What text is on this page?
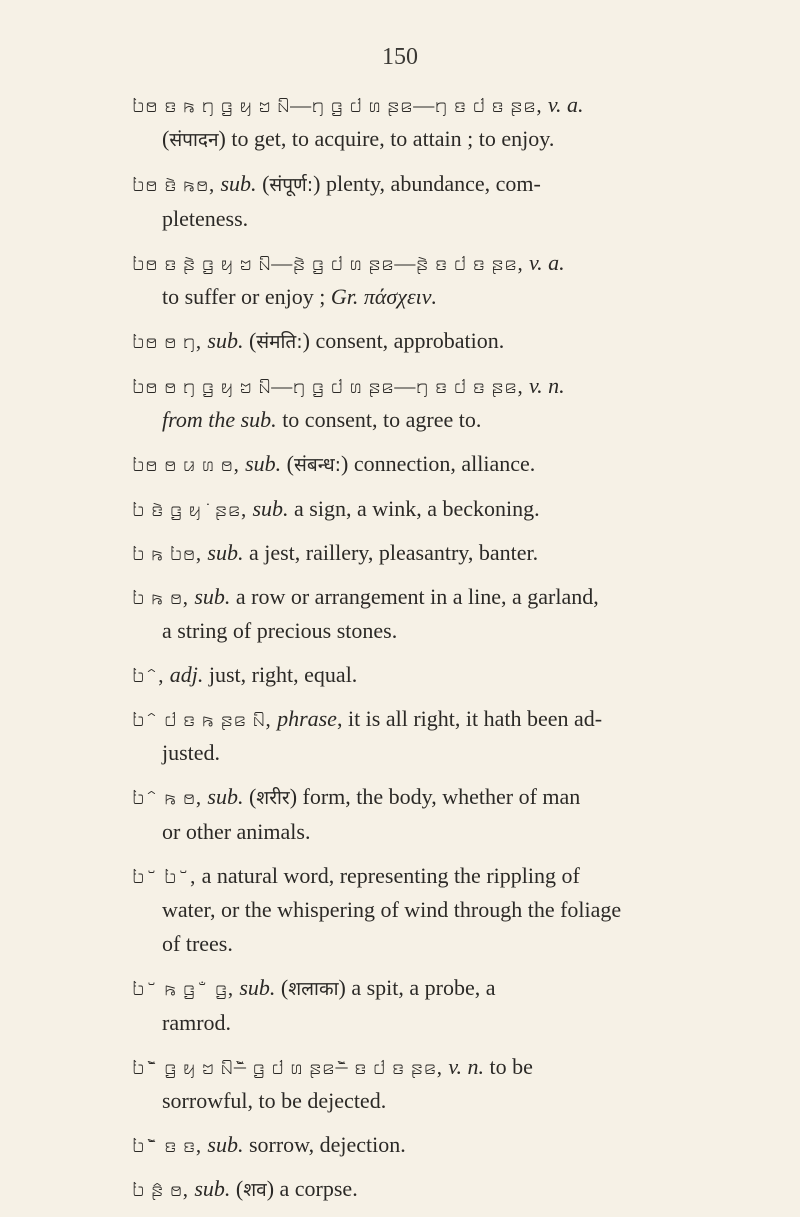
150
ꤝꤥ ꤢ ꤒ ꤚ ꤞ ꤟ ꤠ ꤡ—ꤚ ꤞ ꤓ ꤛ ꤔꤕ—ꤚ ꤢ ꤓ ꤢ ꤔꤕ, v. a.
(संपादन) to get, to acquire, to attain ; to enjoy.
ꤝꤥ ꤢꤧ ꤒꤥ, sub. (संपूर्ण:) plenty, abundance, com-
pleteness.
ꤝꤥ ꤢ ꤔꤧ ꤞ ꤟ ꤠ ꤡ—ꤔꤧ ꤞ ꤓ ꤛ ꤔꤕ—ꤔꤧ ꤢ ꤓ ꤢ ꤔꤕ, v. a.
to suffer or enjoy ; Gr. πάσχειν.
ꤝꤥ ꤥ ꤚ, sub. (संमति:) consent, approbation.
ꤝꤥ ꤥ ꤚ ꤞ ꤟ ꤠ ꤡ—ꤚ ꤞ ꤓ ꤛ ꤔꤕ—ꤚ ꤢ ꤓ ꤢ ꤔꤕ, v. n.
from the sub. to consent, to agree to.
ꤝꤥ ꤥ ꤣ ꤛ ꤥ, sub. (संबन्ध:) connection, alliance.
ꤝ ꤢꤧ ꤞ ꤟ ꤦꤔꤕ, sub. a sign, a wink, a beckoning.
ꤝ ꤒ ꤝꤥ, sub. a jest, raillery, pleasantry, banter.
ꤝ ꤒ ꤥ, sub. a row or arrangement in a line, a garland,
a string of precious stones.
ꤝ ꤨ, adj. just, right, equal.
ꤝ ꤨ ꤓ ꤢ ꤒ ꤔꤕ ꤡ, phrase, it is all right, it hath been ad-
justed.
ꤝ ꤨ ꤒ ꤥ, sub. (शरीर) form, the body, whether of man
or other animals.
ꤝ ꤩ ꤝ ꤩ, a natural word, representing the rippling of
water, or the whispering of wind through the foliage
of trees.
ꤝ ꤩ ꤒ ꤞ ꤪ ꤞ, sub. (शलाका) a spit, a probe, a
ramrod.
ꤝ ꤩꤧ ꤞ ꤟ ꤠ ꤡ—ꤩꤧ ꤞ ꤓ ꤛ ꤔꤕ—ꤩꤧ ꤢ ꤓ ꤢ ꤔꤕ, v. n. to be
sorrowful, to be dejected.
ꤝ ꤩꤧ ꤢ ꤢ, sub. sorrow, dejection.
ꤝ ꤔꤨ ꤥ, sub. (शव) a corpse.
